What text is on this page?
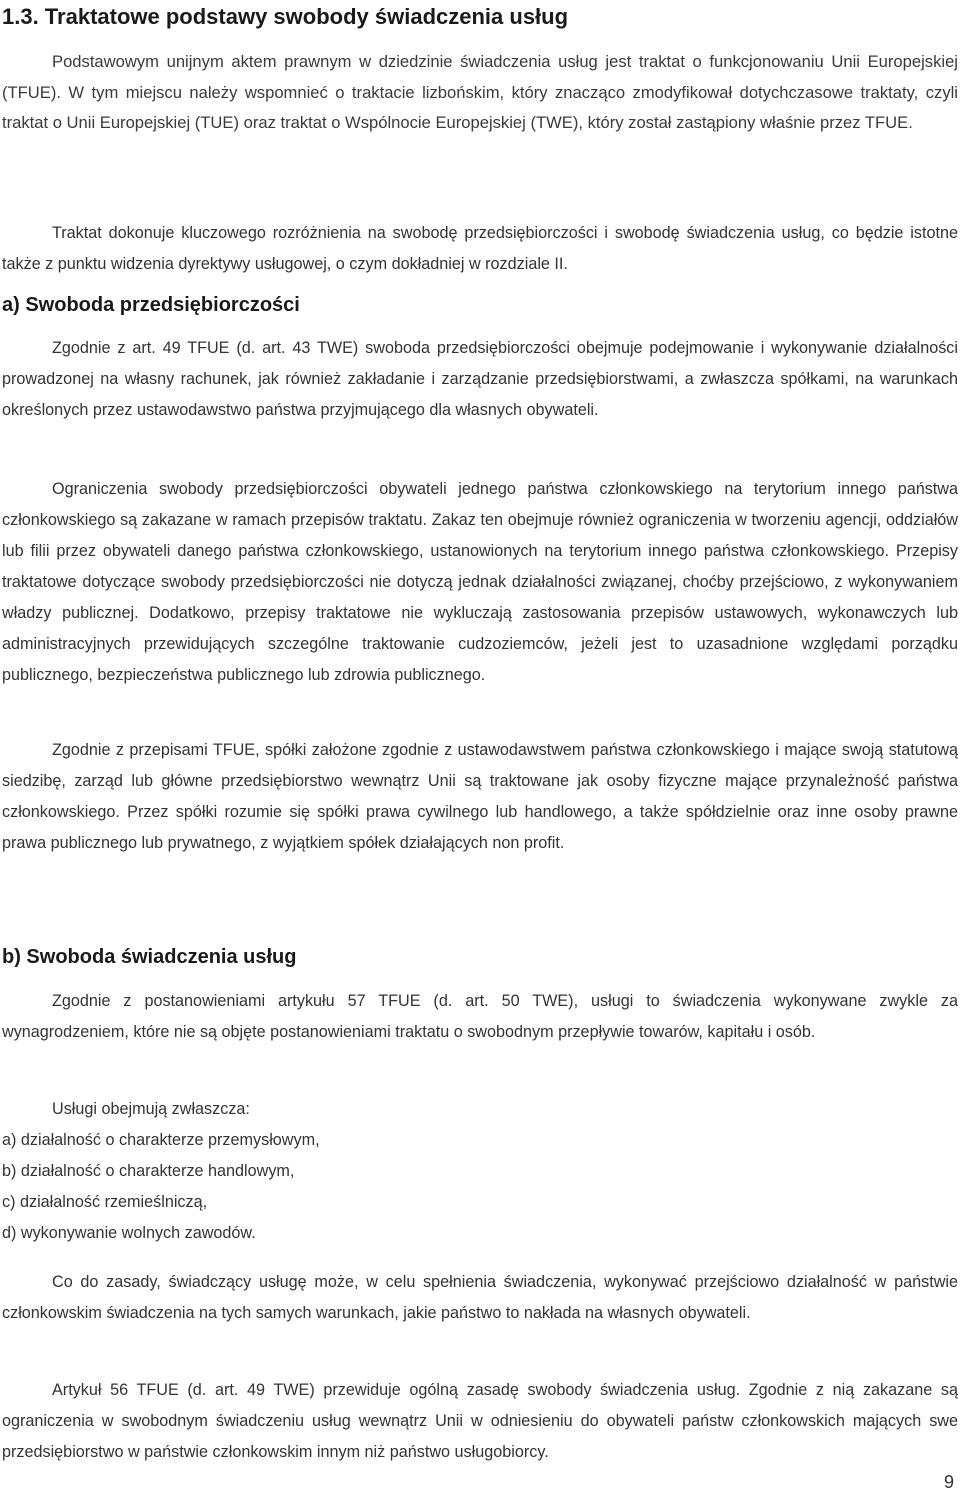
1.3. Traktatowe podstawy swobody świadczenia usług

Podstawowym unijnym aktem prawnym w dziedzinie świadczenia usług jest traktat o funkcjonowaniu Unii Europejskiej (TFUE). W tym miejscu należy wspomnieć o traktacie lizbońskim, który znacząco zmodyfikował dotychczasowe traktaty, czyli traktat o Unii Europejskiej (TUE) oraz traktat o Wspólnocie Europejskiej (TWE), który został zastąpiony właśnie przez TFUE.

Traktat dokonuje kluczowego rozróżnienia na swobodę przedsiębiorczości i swobodę świadczenia usług, co będzie istotne także z punktu widzenia dyrektywy usługowej, o czym dokładniej w rozdziale II.

a) Swoboda przedsiębiorczości

Zgodnie z art. 49 TFUE (d. art. 43 TWE) swoboda przedsiębiorczości obejmuje podejmowanie i wykonywanie działalności prowadzonej na własny rachunek, jak również zakładanie i zarządzanie przedsiębiorstwami, a zwłaszcza spółkami, na warunkach określonych przez ustawodawstwo państwa przyjmującego dla własnych obywateli.

Ograniczenia swobody przedsiębiorczości obywateli jednego państwa członkowskiego na terytorium innego państwa członkowskiego są zakazane w ramach przepisów traktatu. Zakaz ten obejmuje również ograniczenia w tworzeniu agencji, oddziałów lub filii przez obywateli danego państwa członkowskiego, ustanowionych na terytorium innego państwa członkowskiego. Przepisy traktatowe dotyczące swobody przedsiębiorczości nie dotyczą jednak działalności związanej, choćby przejściowo, z wykonywaniem władzy publicznej. Dodatkowo, przepisy traktatowe nie wykluczają zastosowania przepisów ustawowych, wykonawczych lub administracyjnych przewidujących szczególne traktowanie cudzoziemców, jeżeli jest to uzasadnione względami porządku publicznego, bezpieczeństwa publicznego lub zdrowia publicznego.

Zgodnie z przepisami TFUE, spółki założone zgodnie z ustawodawstwem państwa członkowskiego i mające swoją statutową siedzibę, zarząd lub główne przedsiębiorstwo wewnątrz Unii są traktowane jak osoby fizyczne mające przynależność państwa członkowskiego. Przez spółki rozumie się spółki prawa cywilnego lub handlowego, a także spółdzielnie oraz inne osoby prawne prawa publicznego lub prywatnego, z wyjątkiem spółek działających non profit.

b) Swoboda świadczenia usług

Zgodnie z postanowieniami artykułu 57 TFUE (d. art. 50 TWE), usługi to świadczenia wykonywane zwykle za wynagrodzeniem, które nie są objęte postanowieniami traktatu o swobodnym przepływie towarów, kapitału i osób.

Usługi obejmują zwłaszcza:

a) działalność o charakterze przemysłowym,
b) działalność o charakterze handlowym,
c) działalność rzemieślniczą,
d) wykonywanie wolnych zawodów.

Co do zasady, świadczący usługę może, w celu spełnienia świadczenia, wykonywać przejściowo działalność w państwie członkowskim świadczenia na tych samych warunkach, jakie państwo to nakłada na własnych obywateli.

Artykuł 56 TFUE (d. art. 49 TWE) przewiduje ogólną zasadę swobody świadczenia usług. Zgodnie z nią zakazane są ograniczenia w swobodnym świadczeniu usług wewnątrz Unii w odniesieniu do obywateli państw członkowskich mających swe przedsiębiorstwo w państwie członkowskim innym niż państwo usługobiorcy.

9
